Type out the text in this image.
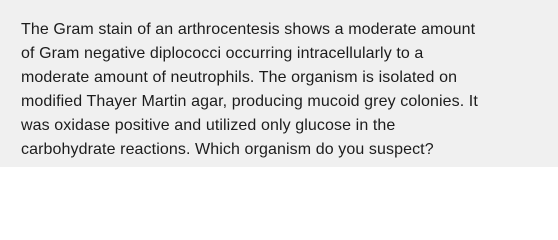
The Gram stain of an arthrocentesis shows a moderate amount
of Gram negative diplococci occurring intracellularly to a
moderate amount of neutrophils. The organism is isolated on
modified Thayer Martin agar, producing mucoid grey colonies. It
was oxidase positive and utilized only glucose in the
carbohydrate reactions. Which organism do you suspect?
